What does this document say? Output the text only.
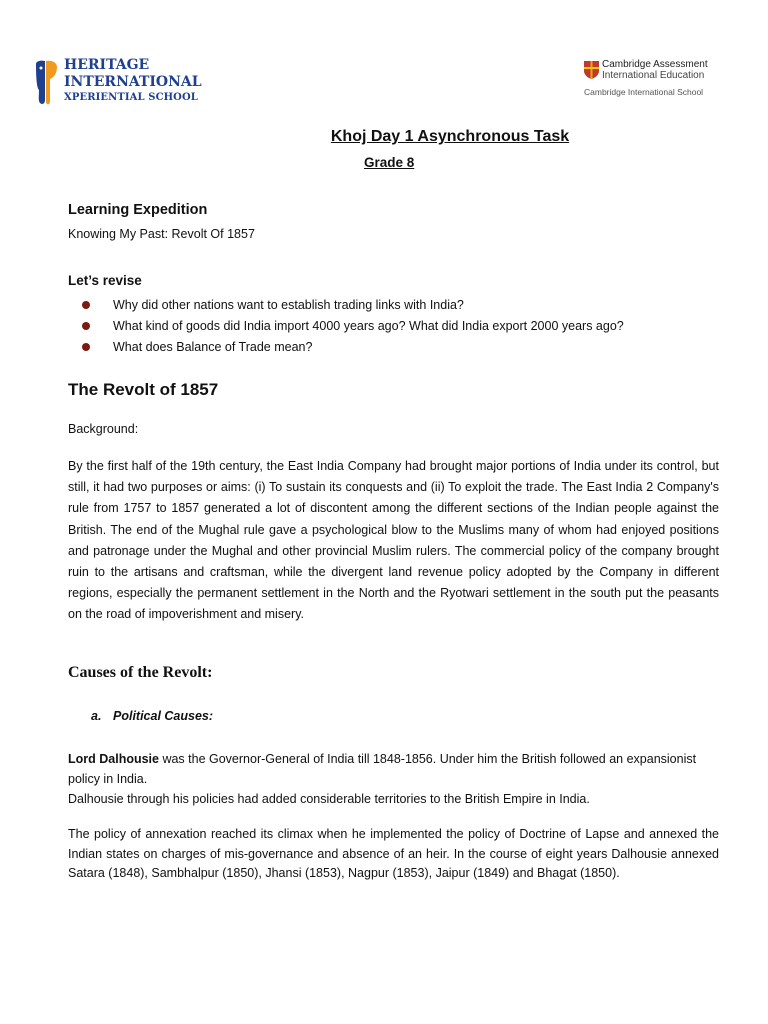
HERITAGE
INTERNATIONAL
XPERIENTIAL SCHOOL
Cambridge Assessment
International Education
Cambridge International School
Khoj Day 1 Asynchronous Task
Grade 8
Learning Expedition
Knowing My Past: Revolt Of 1857
Let’s revise
Why did other nations want to establish trading links with India?
What kind of goods did India import 4000 years ago? What did India export 2000 years ago?
What does Balance of Trade mean?
The Revolt of 1857
Background:
By the first half of the 19th century, the East India Company had brought major portions of India under its control, but still, it had two purposes or aims: (i) To sustain its conquests and (ii) To exploit the trade. The East India 2 Company's rule from 1757 to 1857 generated a lot of discontent among the different sections of the Indian people against the British. The end of the Mughal rule gave a psychological blow to the Muslims many of whom had enjoyed positions and patronage under the Mughal and other provincial Muslim rulers. The commercial policy of the company brought ruin to the artisans and craftsman, while the divergent land revenue policy adopted by the Company in different regions, especially the permanent settlement in the North and the Ryotwari settlement in the south put the peasants on the road of impoverishment and misery.
Causes of the Revolt:
a. Political Causes:
Lord Dalhousie was the Governor-General of India till 1848-1856. Under him the British followed an expansionist policy in India.
Dalhousie through his policies had added considerable territories to the British Empire in India.
The policy of annexation reached its climax when he implemented the policy of Doctrine of Lapse and annexed the Indian states on charges of mis-governance and absence of an heir. In the course of eight years Dalhousie annexed Satara (1848), Sambhalpur (1850), Jhansi (1853), Nagpur (1853), Jaipur (1849) and Bhagat (1850).
